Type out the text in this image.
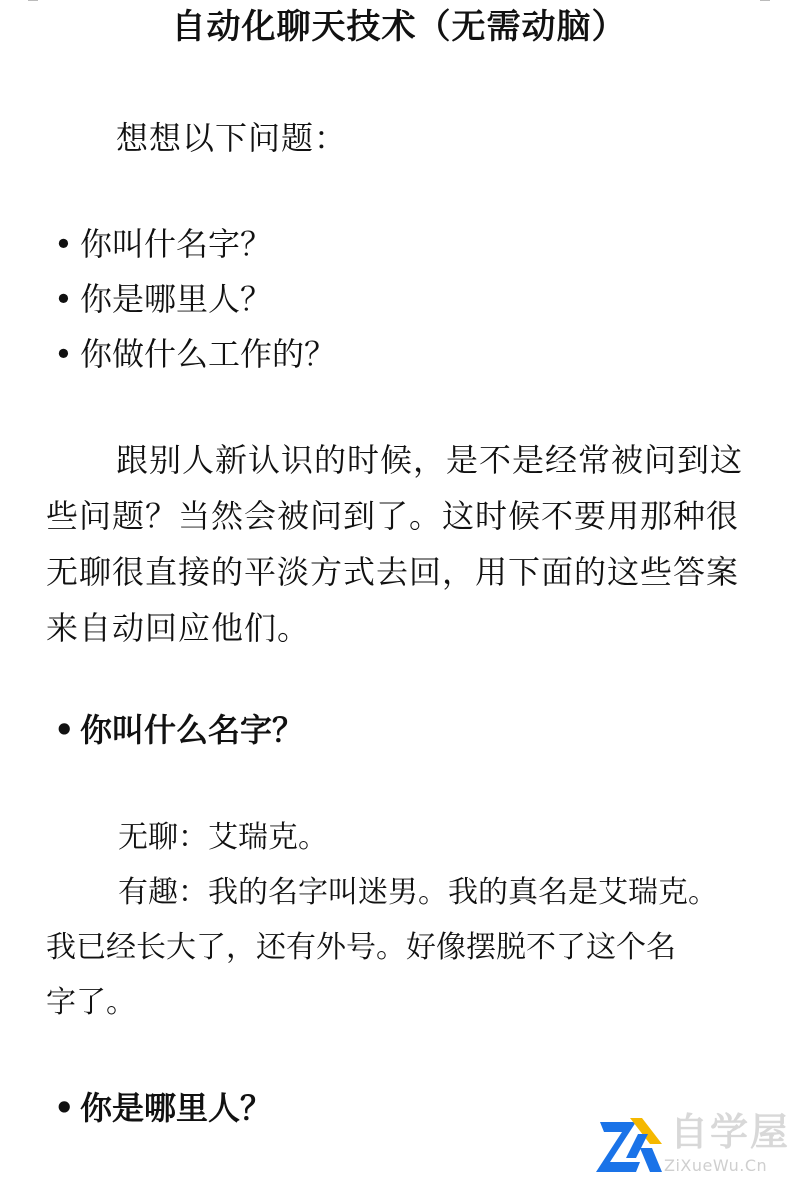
自动化聊天技术（无需动脑）
想想以下问题：
• 你叫什名字？
• 你是哪里人？
• 你做什么工作的？
跟别人新认识的时候，是不是经常被问到这些问题？当然会被问到了。这时候不要用那种很无聊很直接的平淡方式去回，用下面的这些答案来自动回应他们。
• 你叫什么名字？
无聊：艾瑞克。
有趣：我的名字叫迷男。我的真名是艾瑞克。
我已经长大了，还有外号。好像摆脱不了这个名
字了。
• 你是哪里人？
自学屋
ZiXueWu.Cn
